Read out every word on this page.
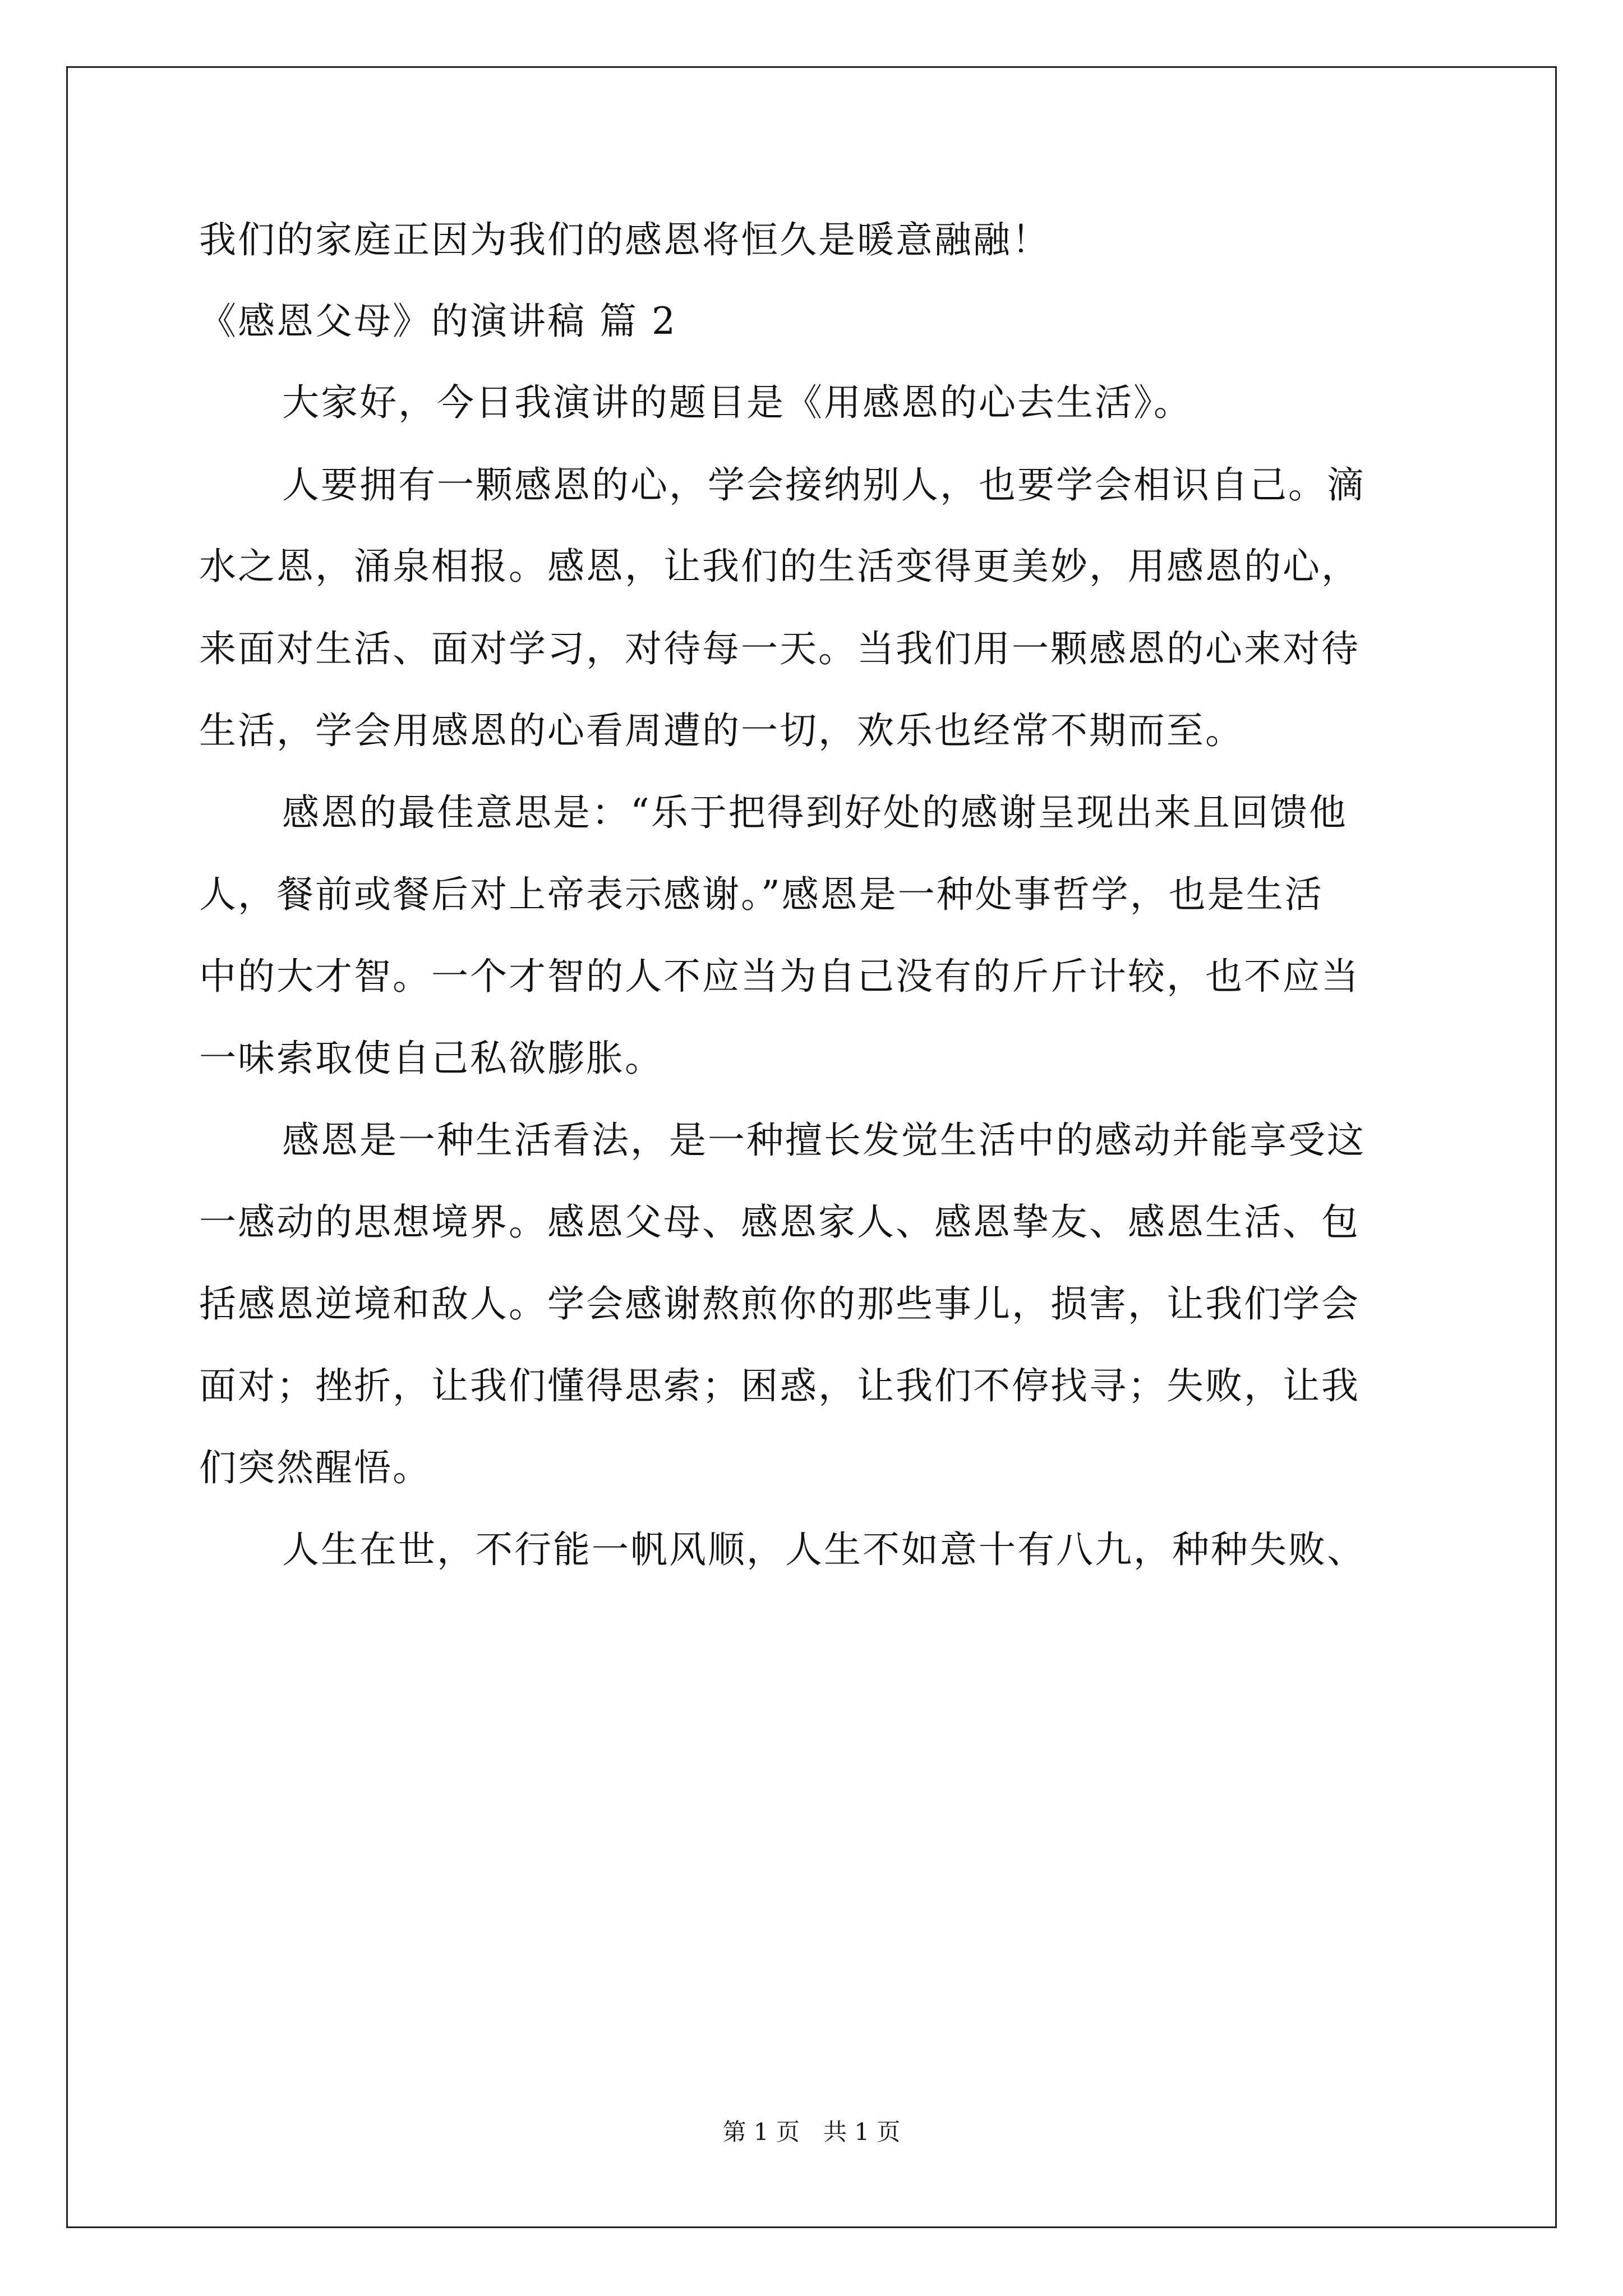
我们的家庭正因为我们的感恩将恒久是暖意融融！
《感恩父母》的演讲稿 篇 2
大家好，今日我演讲的题目是《用感恩的心去生活》。
人要拥有一颗感恩的心，学会接纳别人，也要学会相识自己。滴
水之恩，涌泉相报。感恩，让我们的生活变得更美妙，用感恩的心，
来面对生活、面对学习，对待每一天。当我们用一颗感恩的心来对待
生活，学会用感恩的心看周遭的一切，欢乐也经常不期而至。
感恩的最佳意思是：“乐于把得到好处的感谢呈现出来且回馈他
人，餐前或餐后对上帝表示感谢。”感恩是一种处事哲学，也是生活
中的大才智。一个才智的人不应当为自己没有的斤斤计较，也不应当
一味索取使自己私欲膨胀。
感恩是一种生活看法，是一种擅长发觉生活中的感动并能享受这
一感动的思想境界。感恩父母、感恩家人、感恩挚友、感恩生活、包
括感恩逆境和敌人。学会感谢熬煎你的那些事儿，损害，让我们学会
面对；挫折，让我们懂得思索；困惑，让我们不停找寻；失败，让我
们突然醒悟。
人生在世，不行能一帆风顺，人生不如意十有八九，种种失败、
第 1 页　共 1 页
